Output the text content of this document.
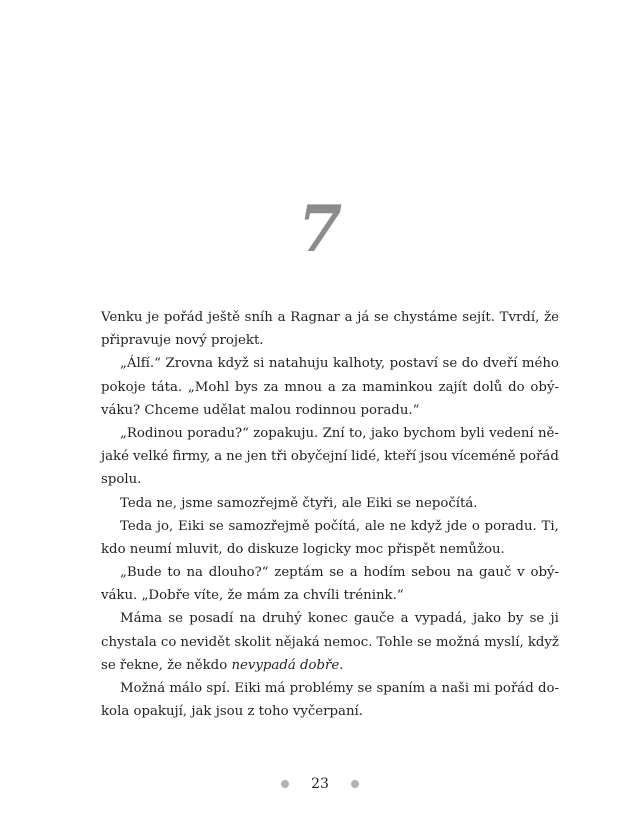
7
Venku je pořád ještě sníh a Ragnar a já se chystáme sejít. Tvrdí, že
připravuje nový projekt.
„Álfí.“ Zrovna když si natahuju kalhoty, postaví se do dveří mého
pokoje táta. „Mohl bys za mnou a za maminkou zajít dolů do obý-
váku? Chceme udělat malou rodinnou poradu.“
„Rodinou poradu?“ zopakuju. Zní to, jako bychom byli vedení ně-
jaké velké firmy, a ne jen tři obyčejní lidé, kteří jsou víceméně pořád
spolu.
Teda ne, jsme samozřejmě čtyři, ale Eiki se nepočítá.
Teda jo, Eiki se samozřejmě počítá, ale ne když jde o poradu. Ti,
kdo neumí mluvit, do diskuze logicky moc přispět nemůžou.
„Bude to na dlouho?“ zeptám se a hodím sebou na gauč v obý-
váku. „Dobře víte, že mám za chvíli trénink.“
Máma se posadí na druhý konec gauče a vypadá, jako by se ji
chystala co nevidět skolit nějaká nemoc. Tohle se možná myslí, když
se řekne, že někdo nevypadá dobře.
Možná málo spí. Eiki má problémy se spaním a naši mi pořád do-
kola opakují, jak jsou z toho vyčerpaní.
23
